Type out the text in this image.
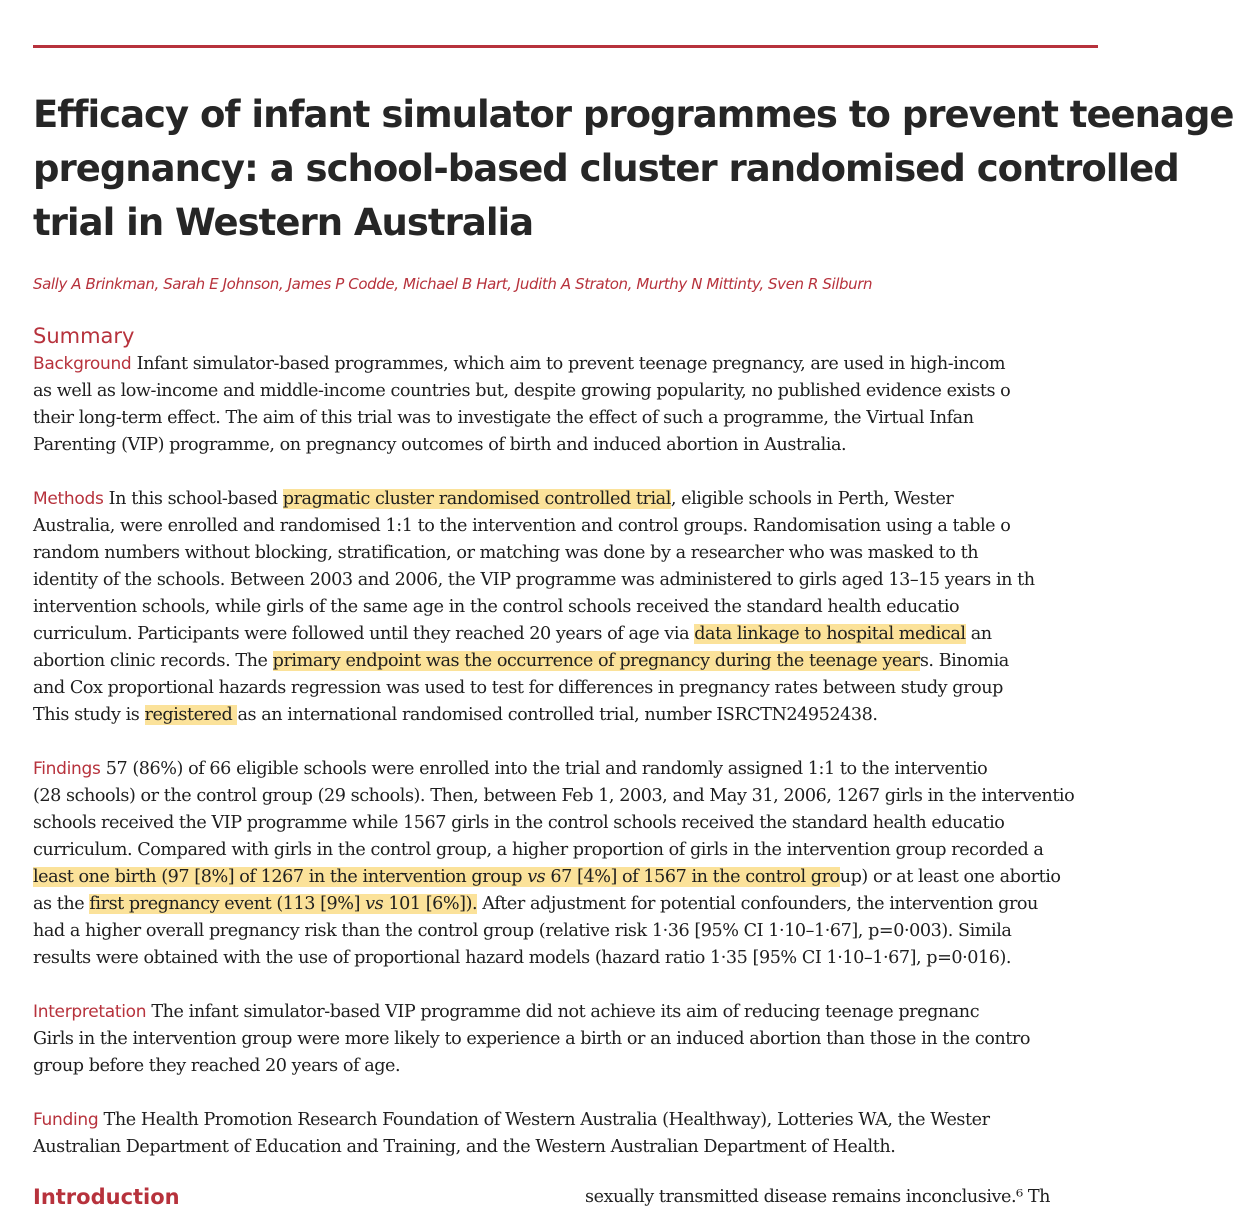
Efficacy of infant simulator programmes to prevent teenage
pregnancy: a school-based cluster randomised controlled
trial in Western Australia

Sally A Brinkman, Sarah E Johnson, James P Codde, Michael B Hart, Judith A Straton, Murthy N Mittinty, Sven R Silburn

Summary
Background Infant simulator-based programmes, which aim to prevent teenage pregnancy, are used in high-incom
as well as low-income and middle-income countries but, despite growing popularity, no published evidence exists o
their long-term effect. The aim of this trial was to investigate the effect of such a programme, the Virtual Infan
Parenting (VIP) programme, on pregnancy outcomes of birth and induced abortion in Australia.
Methods In this school-based pragmatic cluster randomised controlled trial, eligible schools in Perth, Wester
Australia, were enrolled and randomised 1:1 to the intervention and control groups. Randomisation using a table o
random numbers without blocking, stratification, or matching was done by a researcher who was masked to th
identity of the schools. Between 2003 and 2006, the VIP programme was administered to girls aged 13–15 years in th
intervention schools, while girls of the same age in the control schools received the standard health educatio
curriculum. Participants were followed until they reached 20 years of age via data linkage to hospital medical an
abortion clinic records. The primary endpoint was the occurrence of pregnancy during the teenage years. Binomia
and Cox proportional hazards regression was used to test for differences in pregnancy rates between study group
This study is registered as an international randomised controlled trial, number ISRCTN24952438.
Findings 57 (86%) of 66 eligible schools were enrolled into the trial and randomly assigned 1:1 to the interventio
(28 schools) or the control group (29 schools). Then, between Feb 1, 2003, and May 31, 2006, 1267 girls in the interventio
schools received the VIP programme while 1567 girls in the control schools received the standard health educatio
curriculum. Compared with girls in the control group, a higher proportion of girls in the intervention group recorded a
least one birth (97 [8%] of 1267 in the intervention group vs 67 [4%] of 1567 in the control group) or at least one abortio
as the first pregnancy event (113 [9%] vs 101 [6%]). After adjustment for potential confounders, the intervention grou
had a higher overall pregnancy risk than the control group (relative risk 1·36 [95% CI 1·10–1·67], p=0·003). Simila
results were obtained with the use of proportional hazard models (hazard ratio 1·35 [95% CI 1·10–1·67], p=0·016).
Interpretation The infant simulator-based VIP programme did not achieve its aim of reducing teenage pregnanc
Girls in the intervention group were more likely to experience a birth or an induced abortion than those in the contro
group before they reached 20 years of age.
Funding The Health Promotion Research Foundation of Western Australia (Healthway), Lotteries WA, the Wester
Australian Department of Education and Training, and the Western Australian Department of Health.
Introduction	sexually transmitted disease remains inconclusive.⁶ Th
